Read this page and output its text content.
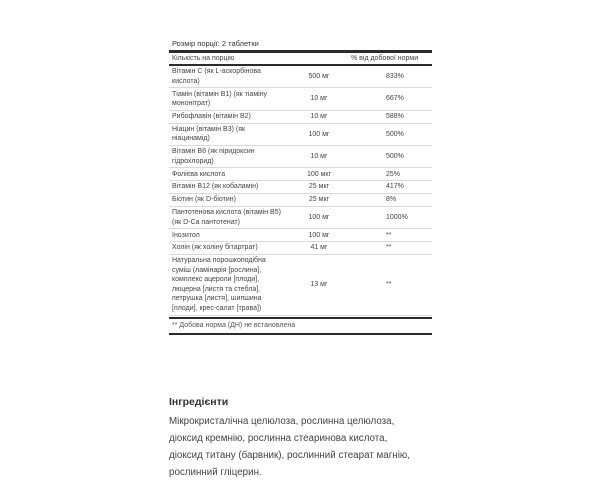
Розмір порції: 2 таблетки
Кількість на порцію	% від добової норми
Вітамін С (як L-аскорбінова кислота)	500 мг	833%
Тіамін (вітамін B1) (як тіаміну мононітрат)	10 мг	667%
Рибофлавін (вітамін B2)	10 мг	588%
Ніацин (вітамін B3) (як ніацинамід)	100 мг	500%
Вітамін B6 (як піридоксин гідрохлорид)	10 мг	500%
Фолієва кислота	100 мкг	25%
Вітамін B12 (як кобаламін)	25 мкг	417%
Біотин (як D-біотин)	25 мкг	8%
Пантотенова кислота (вітамін B5) (як D-Ca пантотенат)	100 мг	1000%
Інозитол	100 мг	**
Холін (як холіну бітартрат)	41 мг	**
Натуральна порошкоподібна суміш (ламінарія [рослина], комплекс ацероли [плоди], люцерна [листя та стебла], петрушка [листя], шипшина [плоди], крес-салат [трава])	13 мг	**
** Добова норма (ДН) не встановлена
Інгредієнти
Мікрокристалічна целюлоза, рослинна целюлоза, діоксид кремнію, рослинна стеаринова кислота, діоксид титану (барвник), рослинний стеарат магнію, рослинний гліцерин.
